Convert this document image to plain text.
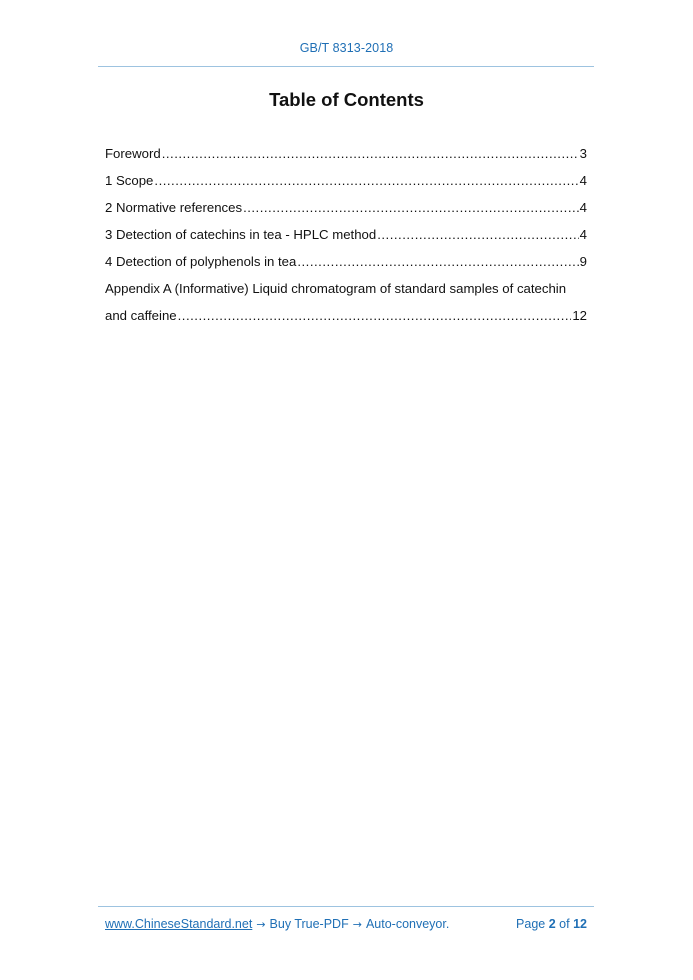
GB/T 8313-2018
Table of Contents
Foreword .....	3
1 Scope .....	4
2 Normative references .....	4
3 Detection of catechins in tea - HPLC method .....	4
4 Detection of polyphenols in tea .....	9
Appendix A (Informative) Liquid chromatogram of standard samples of catechin
and caffeine .....	12
www.ChineseStandard.net → Buy True-PDF → Auto-conveyor.	Page 2 of 12
